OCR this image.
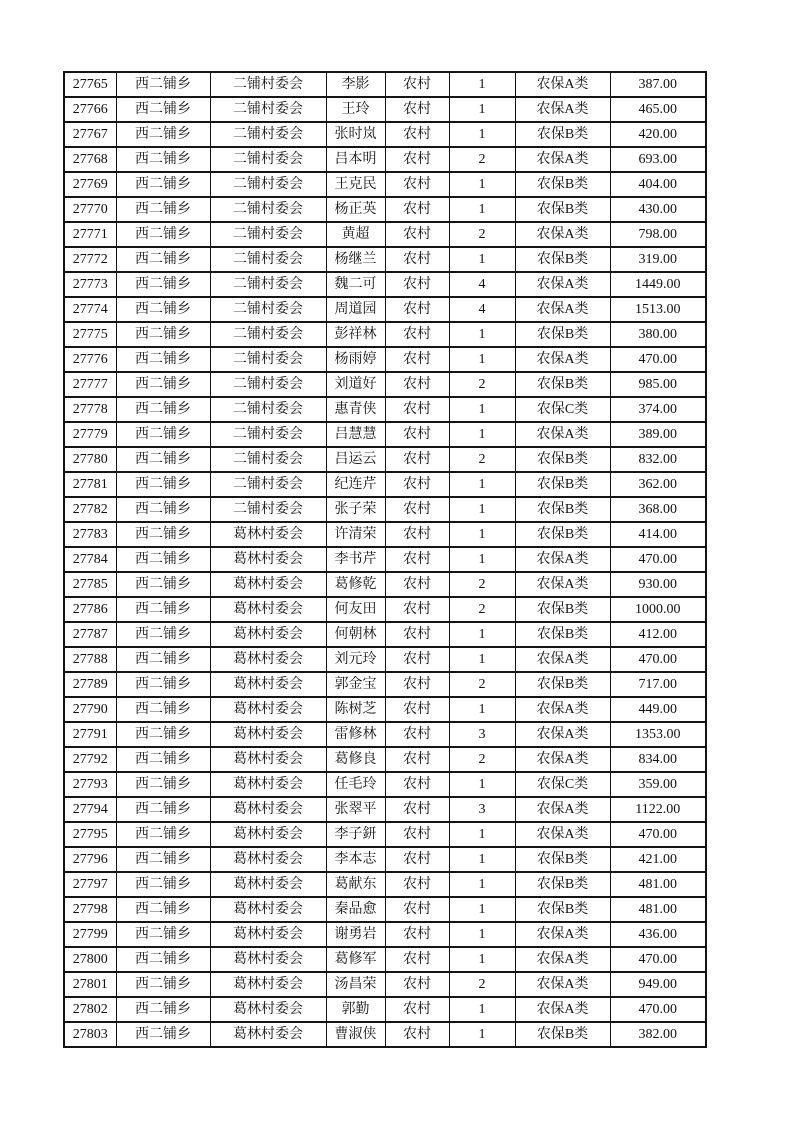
27765	西二铺乡	二铺村委会	李影	农村	1	农保A类	387.00
27766	西二铺乡	二铺村委会	王玲	农村	1	农保A类	465.00
27767	西二铺乡	二铺村委会	张时岚	农村	1	农保B类	420.00
27768	西二铺乡	二铺村委会	吕本明	农村	2	农保A类	693.00
27769	西二铺乡	二铺村委会	王克民	农村	1	农保B类	404.00
27770	西二铺乡	二铺村委会	杨正英	农村	1	农保B类	430.00
27771	西二铺乡	二铺村委会	黄超	农村	2	农保A类	798.00
27772	西二铺乡	二铺村委会	杨继兰	农村	1	农保B类	319.00
27773	西二铺乡	二铺村委会	魏二可	农村	4	农保A类	1449.00
27774	西二铺乡	二铺村委会	周道园	农村	4	农保A类	1513.00
27775	西二铺乡	二铺村委会	彭祥林	农村	1	农保B类	380.00
27776	西二铺乡	二铺村委会	杨雨婷	农村	1	农保A类	470.00
27777	西二铺乡	二铺村委会	刘道好	农村	2	农保B类	985.00
27778	西二铺乡	二铺村委会	惠青侠	农村	1	农保C类	374.00
27779	西二铺乡	二铺村委会	吕慧慧	农村	1	农保A类	389.00
27780	西二铺乡	二铺村委会	吕运云	农村	2	农保B类	832.00
27781	西二铺乡	二铺村委会	纪连芹	农村	1	农保B类	362.00
27782	西二铺乡	二铺村委会	张子荣	农村	1	农保B类	368.00
27783	西二铺乡	葛林村委会	许清荣	农村	1	农保B类	414.00
27784	西二铺乡	葛林村委会	李书芹	农村	1	农保A类	470.00
27785	西二铺乡	葛林村委会	葛修乾	农村	2	农保A类	930.00
27786	西二铺乡	葛林村委会	何友田	农村	2	农保B类	1000.00
27787	西二铺乡	葛林村委会	何朝林	农村	1	农保B类	412.00
27788	西二铺乡	葛林村委会	刘元玲	农村	1	农保A类	470.00
27789	西二铺乡	葛林村委会	郭金宝	农村	2	农保B类	717.00
27790	西二铺乡	葛林村委会	陈树芝	农村	1	农保A类	449.00
27791	西二铺乡	葛林村委会	雷修林	农村	3	农保A类	1353.00
27792	西二铺乡	葛林村委会	葛修良	农村	2	农保A类	834.00
27793	西二铺乡	葛林村委会	任毛玲	农村	1	农保C类	359.00
27794	西二铺乡	葛林村委会	张翠平	农村	3	农保A类	1122.00
27795	西二铺乡	葛林村委会	李子鈃	农村	1	农保A类	470.00
27796	西二铺乡	葛林村委会	李本志	农村	1	农保B类	421.00
27797	西二铺乡	葛林村委会	葛献东	农村	1	农保B类	481.00
27798	西二铺乡	葛林村委会	秦品愈	农村	1	农保B类	481.00
27799	西二铺乡	葛林村委会	谢勇岩	农村	1	农保A类	436.00
27800	西二铺乡	葛林村委会	葛修军	农村	1	农保A类	470.00
27801	西二铺乡	葛林村委会	汤昌荣	农村	2	农保A类	949.00
27802	西二铺乡	葛林村委会	郭勤	农村	1	农保A类	470.00
27803	西二铺乡	葛林村委会	曹淑侠	农村	1	农保B类	382.00
